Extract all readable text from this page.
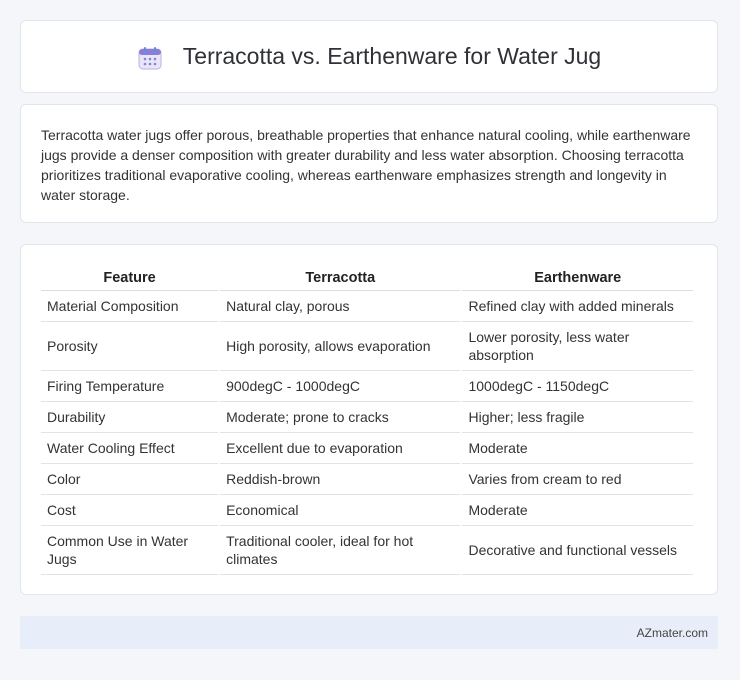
Terracotta vs. Earthenware for Water Jug

Terracotta water jugs offer porous, breathable properties that enhance natural cooling, while earthenware jugs provide a denser composition with greater durability and less water absorption. Choosing terracotta prioritizes traditional evaporative cooling, whereas earthenware emphasizes strength and longevity in water storage.

Feature	Terracotta	Earthenware
Material Composition	Natural clay, porous	Refined clay with added minerals
Porosity	High porosity, allows evaporation	Lower porosity, less water absorption
Firing Temperature	900degC - 1000degC	1000degC - 1150degC
Durability	Moderate; prone to cracks	Higher; less fragile
Water Cooling Effect	Excellent due to evaporation	Moderate
Color	Reddish-brown	Varies from cream to red
Cost	Economical	Moderate
Common Use in Water Jugs	Traditional cooler, ideal for hot climates	Decorative and functional vessels
AZmater.com
